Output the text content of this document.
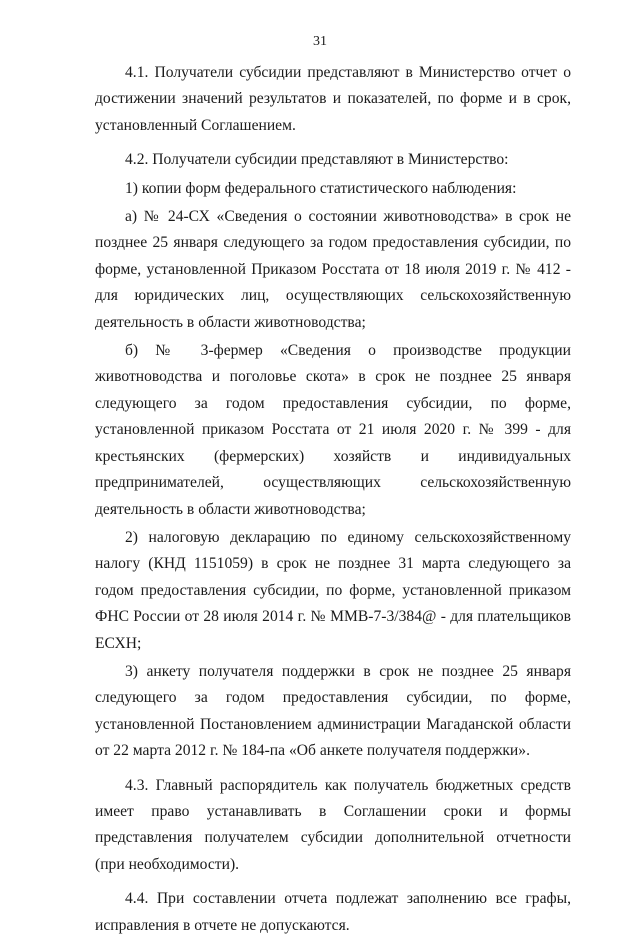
31

4.1. Получатели субсидии представляют в Министерство отчет о достижении значений результатов и показателей, по форме и в срок, установленный Соглашением.

4.2. Получатели субсидии представляют в Министерство:

1) копии форм федерального статистического наблюдения:

а) № 24-СХ «Сведения о состоянии животноводства» в срок не позднее 25 января следующего за годом предоставления субсидии, по форме, установленной Приказом Росстата от 18 июля 2019 г. № 412 - для юридических лиц, осуществляющих сельскохозяйственную деятельность в области животноводства;

б) № 3-фермер «Сведения о производстве продукции животноводства и поголовье скота» в срок не позднее 25 января следующего за годом предоставления субсидии, по форме, установленной приказом Росстата от 21 июля 2020 г. № 399 - для крестьянских (фермерских) хозяйств и индивидуальных предпринимателей, осуществляющих сельскохозяйственную деятельность в области животноводства;

2) налоговую декларацию по единому сельскохозяйственному налогу (КНД 1151059) в срок не позднее 31 марта следующего за годом предоставления субсидии, по форме, установленной приказом ФНС России от 28 июля 2014 г. № ММВ-7-3/384@ - для плательщиков ЕСХН;

3) анкету получателя поддержки в срок не позднее 25 января следующего за годом предоставления субсидии, по форме, установленной Постановлением администрации Магаданской области от 22 марта 2012 г. № 184-па «Об анкете получателя поддержки».

4.3. Главный распорядитель как получатель бюджетных средств имеет право устанавливать в Соглашении сроки и формы представления получателем субсидии дополнительной отчетности (при необходимости).

4.4. При составлении отчета подлежат заполнению все графы, исправления в отчете не допускаются.
